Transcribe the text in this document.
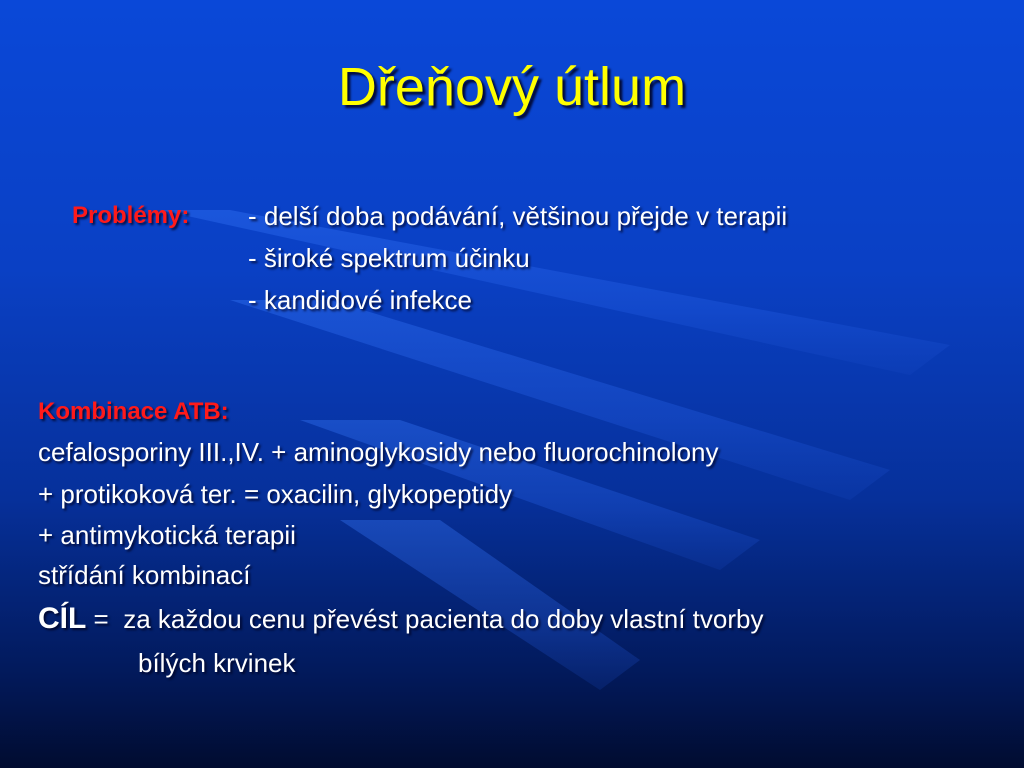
Dřeňový útlum
Problémy: - delší doba podávání, většinou přejde v terapii
- široké spektrum účinku
- kandidové infekce
Kombinace ATB:
cefalosporiny III.,IV. + aminoglykosidy nebo fluorochinolony
+ protikoková ter. = oxacilin, glykopeptidy
+ antimykotická terapii
střídání kombinací
CÍL =  za každou cenu převést pacienta do doby vlastní tvorby
bílých krvinek
